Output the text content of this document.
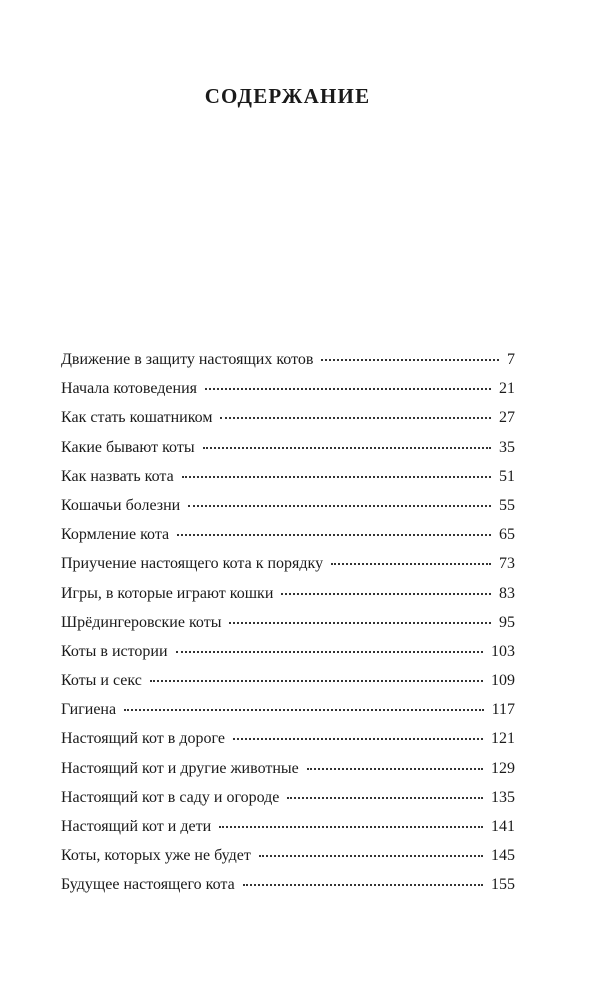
СОДЕРЖАНИЕ
Движение в защиту настоящих котов	7
Начала котоведения	21
Как стать кошатником	27
Какие бывают коты	35
Как назвать кота	51
Кошачьи болезни	55
Кормление кота	65
Приучение настоящего кота к порядку	73
Игры, в которые играют кошки	83
Шрёдингеровские коты	95
Коты в истории	103
Коты и секс	109
Гигиена	117
Настоящий кот в дороге	121
Настоящий кот и другие животные	129
Настоящий кот в саду и огороде	135
Настоящий кот и дети	141
Коты, которых уже не будет	145
Будущее настоящего кота	155
